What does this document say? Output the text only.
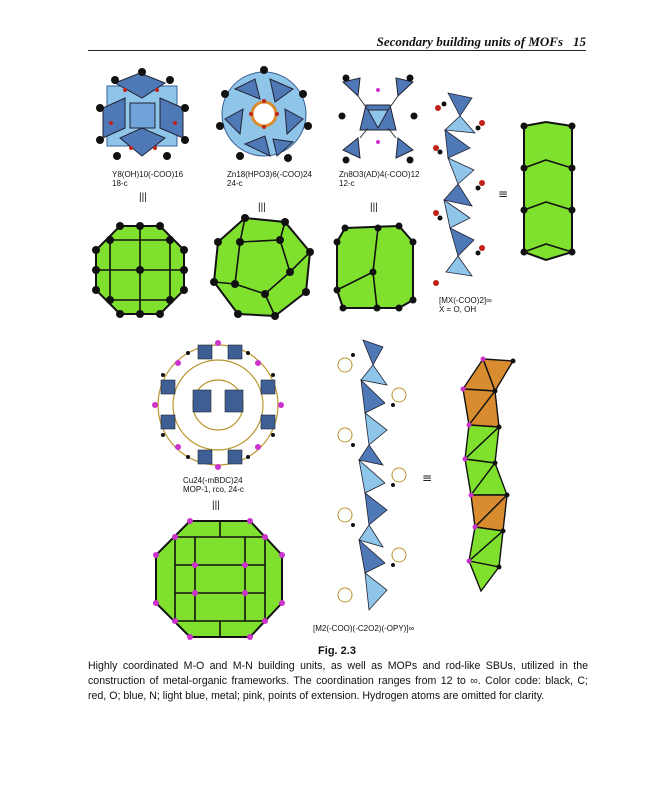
Secondary building units of MOFs 15
Y8(OH)10(-COO)16
18-c
Zn18(HPO3)6(-COO)24
24-c
Zn8O3(AD)4(-COO)12
12-c
|||
|||	|||
≡
[MX(-COO)2]∞
X = O, OH
Cu24(-mBDC)24
MOP-1, rco, 24-c
|||
≡
[M2(-COO)(-C2O2)(-OPY)]∞
Fig. 2.3
Highly coordinated M-O and M-N building units, as well as MOPs and rod-like SBUs, utilized in the construction of metal-organic frameworks. The coordination ranges from 12 to ∞. Color code: black, C; red, O; blue, N; light blue, metal; pink, points of extension. Hydrogen atoms are omitted for clarity.
